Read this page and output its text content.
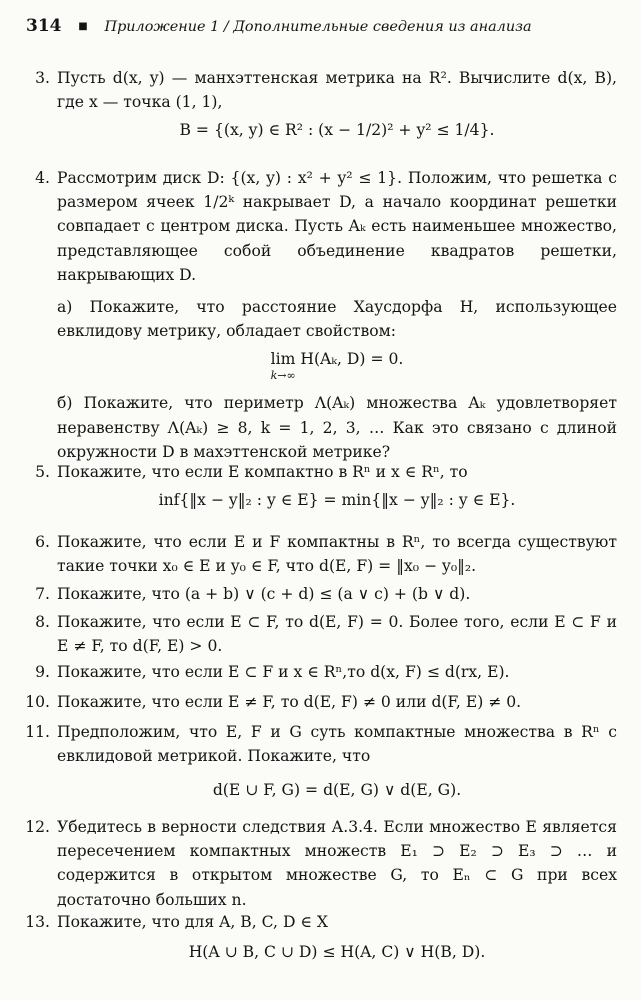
314 ■ Приложение 1 / Дополнительные сведения из анализа
3. Пусть d(x, y) — манхэттенская метрика на R². Вычислите d(x, B), где x — точка (1, 1),
B = {(x, y) ∈ R² : (x − 1/2)² + y² ≤ 1/4}.
4. Рассмотрим диск D: {(x, y) : x² + y² ≤ 1}. Положим, что решетка с размером ячеек 1/2ᵏ накрывает D, а начало координат решетки совпадает с центром диска. Пусть Aₖ есть наименьшее множество, представляющее собой объединение квадратов решетки, накрывающих D.
а) Покажите, что расстояние Хаусдорфа H, использующее евклидову метрику, обладает свойством:
lim H(Aₖ, D) = 0.
k→∞
б) Покажите, что периметр Λ(Aₖ) множества Aₖ удовлетворяет неравенству Λ(Aₖ) ≥ 8, k = 1, 2, 3, … Как это связано с длиной окружности D в махэттенской метрике?
5. Покажите, что если E компактно в Rⁿ и x ∈ Rⁿ, то
inf{‖x − y‖₂ : y ∈ E} = min{‖x − y‖₂ : y ∈ E}.
6. Покажите, что если E и F компактны в Rⁿ, то всегда существуют такие точки x₀ ∈ E и y₀ ∈ F, что d(E, F) = ‖x₀ − y₀‖₂.
7. Покажите, что (a + b) ∨ (c + d) ≤ (a ∨ c) + (b ∨ d).
8. Покажите, что если E ⊂ F, то d(E, F) = 0. Более того, если E ⊂ F и E ≠ F, то d(F, E) > 0.
9. Покажите, что если E ⊂ F и x ∈ Rⁿ,то d(x, F) ≤ d(rx, E).
10. Покажите, что если E ≠ F, то d(E, F) ≠ 0 или d(F, E) ≠ 0.
11. Предположим, что E, F и G суть компактные множества в Rⁿ с евклидовой метрикой. Покажите, что
d(E ∪ F, G) = d(E, G) ∨ d(E, G).
12. Убедитесь в верности следствия А.3.4. Если множество E является пересечением компактных множеств E₁ ⊃ E₂ ⊃ E₃ ⊃ … и содержится в открытом множестве G, то Eₙ ⊂ G при всех достаточно больших n.
13. Покажите, что для A, B, C, D ∈ X
H(A ∪ B, C ∪ D) ≤ H(A, C) ∨ H(B, D).
